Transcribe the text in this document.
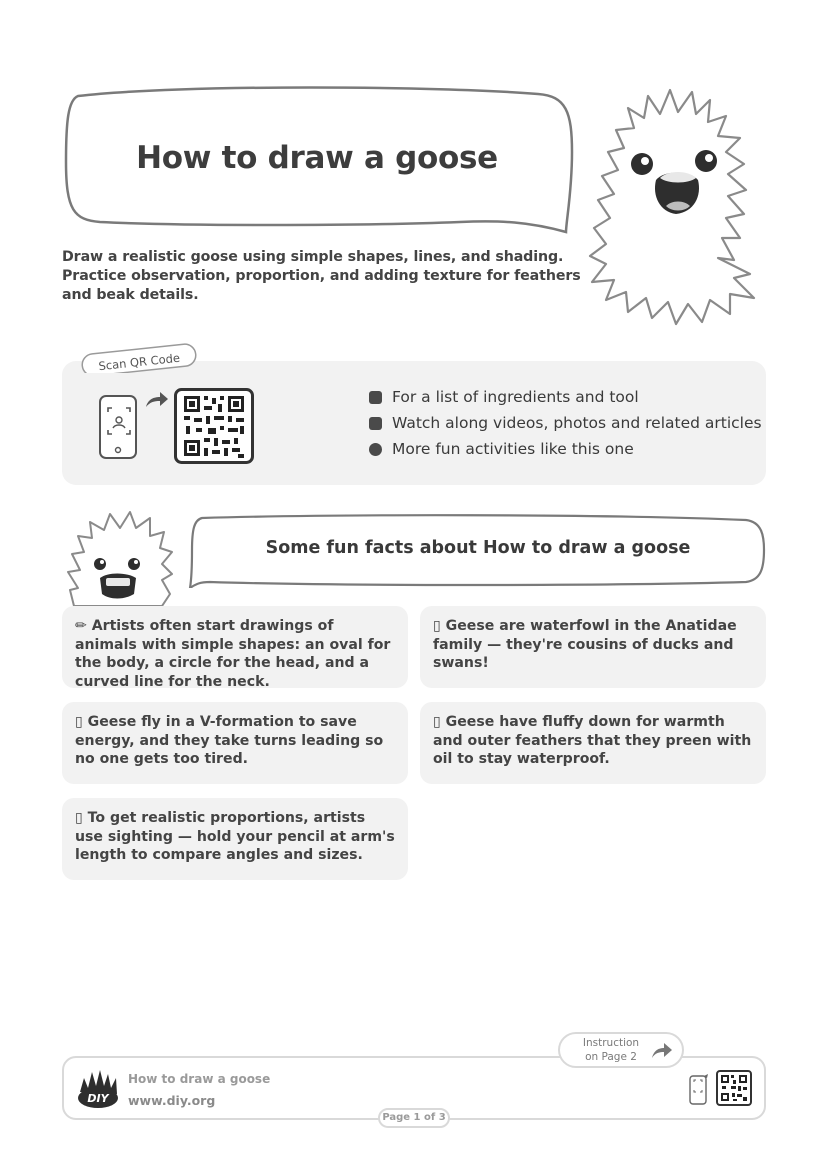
How to draw a goose
Draw a realistic goose using simple shapes, lines, and shading. Practice observation, proportion, and adding texture for feathers and beak details.
Scan QR Code
For a list of ingredients and tool
Watch along videos, photos and related articles
More fun activities like this one
Some fun facts about How to draw a goose
✏ Artists often start drawings of animals with simple shapes: an oval for the body, a circle for the head, and a curved line for the neck.
▯ Geese are waterfowl in the Anatidae family — they're cousins of ducks and swans!
▯ Geese fly in a V-formation to save energy, and they take turns leading so no one gets too tired.
▯ Geese have fluffy down for warmth and outer feathers that they preen with oil to stay waterproof.
▯ To get realistic proportions, artists use sighting — hold your pencil at arm's length to compare angles and sizes.
DIY
How to draw a goose
www.diy.org
Page 1 of 3
Instruction
on Page 2
